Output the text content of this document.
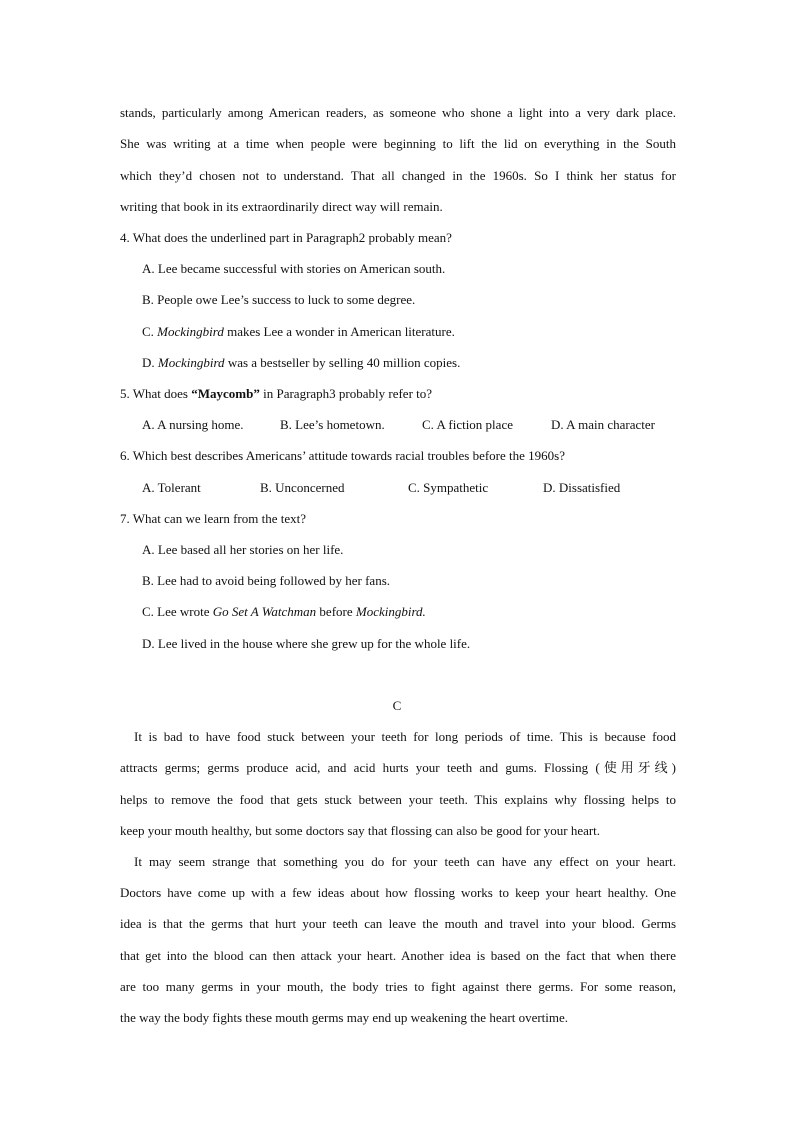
stands, particularly among American readers, as someone who shone a light into a very dark place.
She was writing at a time when people were beginning to lift the lid on everything in the South
which they’d chosen not to understand. That all changed in the 1960s. So I think her status for
writing that book in its extraordinarily direct way will remain.
4. What does the underlined part in Paragraph2 probably mean?
A. Lee became successful with stories on American south.
B. People owe Lee’s success to luck to some degree.
C. Mockingbird makes Lee a wonder in American literature.
D. Mockingbird was a bestseller by selling 40 million copies.
5. What does “Maycomb” in Paragraph3 probably refer to?
A. A nursing home.	B. Lee’s hometown.	C. A fiction place	D. A main character
6. Which best describes Americans’ attitude towards racial troubles before the 1960s?
A. Tolerant	B. Unconcerned	C. Sympathetic	D. Dissatisfied
7. What can we learn from the text?
A. Lee based all her stories on her life.
B. Lee had to avoid being followed by her fans.
C. Lee wrote Go Set A Watchman before Mockingbird.
D. Lee lived in the house where she grew up for the whole life.
C
It is bad to have food stuck between your teeth for long periods of time. This is because food
attracts germs; germs produce acid, and acid hurts your teeth and gums. Flossing (使用牙线)
helps to remove the food that gets stuck between your teeth. This explains why flossing helps to
keep your mouth healthy, but some doctors say that flossing can also be good for your heart.
It may seem strange that something you do for your teeth can have any effect on your heart.
Doctors have come up with a few ideas about how flossing works to keep your heart healthy. One
idea is that the germs that hurt your teeth can leave the mouth and travel into your blood. Germs
that get into the blood can then attack your heart. Another idea is based on the fact that when there
are too many germs in your mouth, the body tries to fight against there germs. For some reason,
the way the body fights these mouth germs may end up weakening the heart overtime.
